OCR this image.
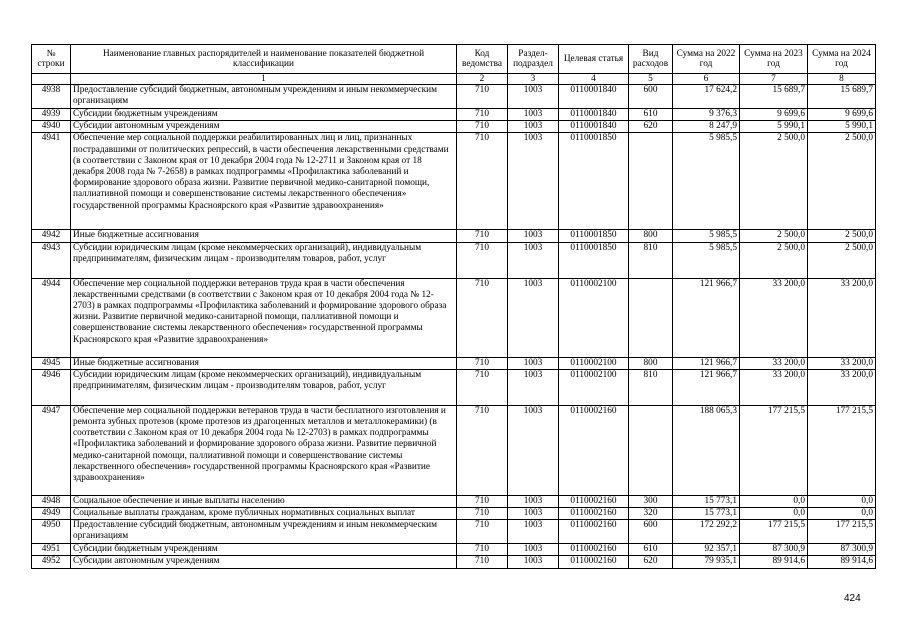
№ строки	Наименование главных распорядителей и наименование показателей бюджетной классификации	Код ведомства	Раздел-подраздел	Целевая статья	Вид расходов	Сумма на 2022 год	Сумма на 2023 год	Сумма на 2024 год
	1	2	3	4	5	6	7	8
4938	Предоставление субсидий бюджетным, автономным учреждениям и иным некоммерческим организациям	710	1003	0110001840	600	17 624,2	15 689,7	15 689,7
4939	Субсидии бюджетным учреждениям	710	1003	0110001840	610	9 376,3	9 699,6	9 699,6
4940	Субсидии автономным учреждениям	710	1003	0110001840	620	8 247,9	5 990,1	5 990,1
4941	Обеспечение мер социальной поддержки реабилитированных лиц и лиц, признанных пострадавшими от политических репрессий, в части обеспечения лекарственными средствами (в соответствии с Законом края от 10 декабря 2004 года № 12-2711 и Законом края от 18 декабря 2008 года № 7-2658) в рамках подпрограммы «Профилактика заболеваний и формирование здорового образа жизни. Развитие первичной медико-санитарной помощи, паллиативной помощи и совершенствование системы лекарственного обеспечения» государственной программы Красноярского края «Развитие здравоохранения»	710	1003	0110001850		5 985,5	2 500,0	2 500,0
4942	Иные бюджетные ассигнования	710	1003	0110001850	800	5 985,5	2 500,0	2 500,0
4943	Субсидии юридическим лицам (кроме некоммерческих организаций), индивидуальным предпринимателям, физическим лицам - производителям товаров, работ, услуг	710	1003	0110001850	810	5 985,5	2 500,0	2 500,0
4944	Обеспечение мер социальной поддержки ветеранов труда края в части обеспечения лекарственными средствами (в соответствии с Законом края от 10 декабря 2004 года № 12-2703) в рамках подпрограммы «Профилактика заболеваний и формирование здорового образа жизни. Развитие первичной медико-санитарной помощи, паллиативной помощи и совершенствование системы лекарственного обеспечения» государственной программы Красноярского края «Развитие здравоохранения»	710	1003	0110002100		121 966,7	33 200,0	33 200,0
4945	Иные бюджетные ассигнования	710	1003	0110002100	800	121 966,7	33 200,0	33 200,0
4946	Субсидии юридическим лицам (кроме некоммерческих организаций), индивидуальным предпринимателям, физическим лицам - производителям товаров, работ, услуг	710	1003	0110002100	810	121 966,7	33 200,0	33 200,0
4947	Обеспечение мер социальной поддержки ветеранов труда в части бесплатного изготовления и ремонта зубных протезов (кроме протезов из драгоценных металлов и металлокерамики) (в соответствии с Законом края от 10 декабря 2004 года № 12-2703) в рамках подпрограммы «Профилактика заболеваний и формирование здорового образа жизни. Развитие первичной медико-санитарной помощи, паллиативной помощи и совершенствование системы лекарственного обеспечения» государственной программы Красноярского края «Развитие здравоохранения»	710	1003	0110002160		188 065,3	177 215,5	177 215,5
4948	Социальное обеспечение и иные выплаты населению	710	1003	0110002160	300	15 773,1	0,0	0,0
4949	Социальные выплаты гражданам, кроме публичных нормативных социальных выплат	710	1003	0110002160	320	15 773,1	0,0	0,0
4950	Предоставление субсидий бюджетным, автономным учреждениям и иным некоммерческим организациям	710	1003	0110002160	600	172 292,2	177 215,5	177 215,5
4951	Субсидии бюджетным учреждениям	710	1003	0110002160	610	92 357,1	87 300,9	87 300,9
4952	Субсидии автономным учреждениям	710	1003	0110002160	620	79 935,1	89 914,6	89 914,6
424
